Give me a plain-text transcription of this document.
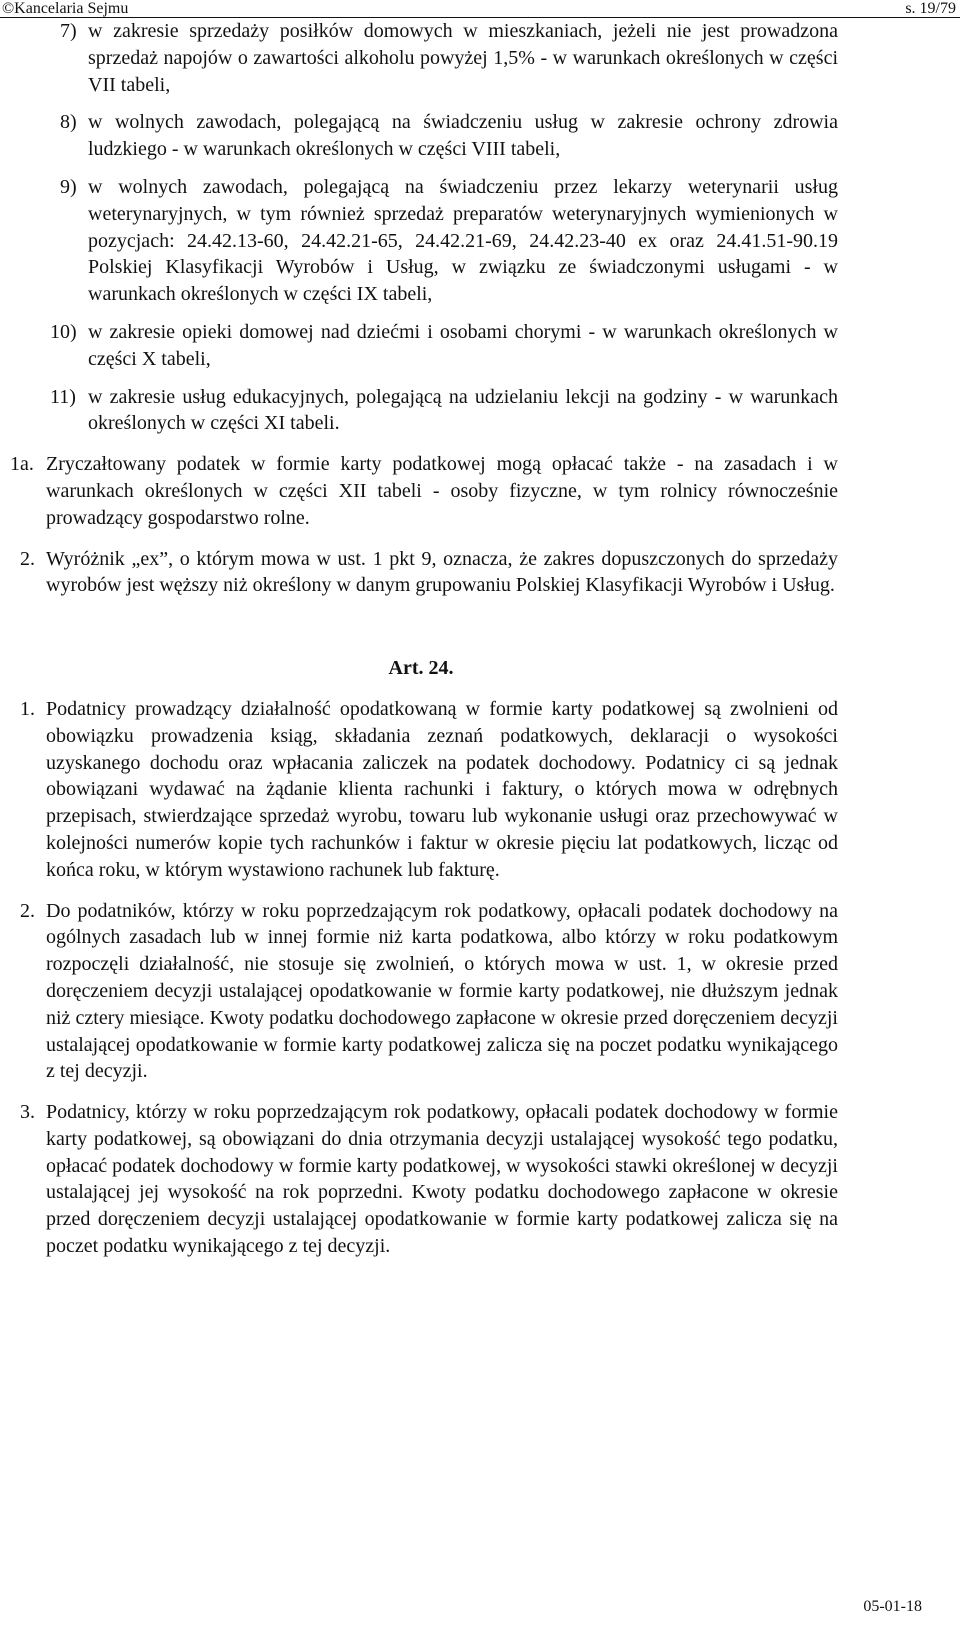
©Kancelaria Sejmu	s. 19/79
7) w zakresie sprzedaży posiłków domowych w mieszkaniach, jeżeli nie jest prowadzona sprzedaż napojów o zawartości alkoholu powyżej 1,5% - w warunkach określonych w części VII tabeli,
8) w wolnych zawodach, polegającą na świadczeniu usług w zakresie ochrony zdrowia ludzkiego - w warunkach określonych w części VIII tabeli,
9) w wolnych zawodach, polegającą na świadczeniu przez lekarzy weterynarii usług weterynaryjnych, w tym również sprzedaż preparatów weterynaryjnych wymienionych w pozycjach: 24.42.13-60, 24.42.21-65, 24.42.21-69, 24.42.23-40 ex oraz 24.41.51-90.19 Polskiej Klasyfikacji Wyrobów i Usług, w związku ze świadczonymi usługami - w warunkach określonych w części IX tabeli,
10) w zakresie opieki domowej nad dziećmi i osobami chorymi - w warunkach określonych w części X tabeli,
11) w zakresie usług edukacyjnych, polegającą na udzielaniu lekcji na godziny - w warunkach określonych w części XI tabeli.
1a. Zryczałtowany podatek w formie karty podatkowej mogą opłacać także - na zasadach i w warunkach określonych w części XII tabeli - osoby fizyczne, w tym rolnicy równocześnie prowadzący gospodarstwo rolne.
2. Wyróżnik „ex”, o którym mowa w ust. 1 pkt 9, oznacza, że zakres dopuszczonych do sprzedaży wyrobów jest węższy niż określony w danym grupowaniu Polskiej Klasyfikacji Wyrobów i Usług.
Art. 24.
1. Podatnicy prowadzący działalność opodatkowaną w formie karty podatkowej są zwolnieni od obowiązku prowadzenia ksiąg, składania zeznań podatkowych, deklaracji o wysokości uzyskanego dochodu oraz wpłacania zaliczek na podatek dochodowy. Podatnicy ci są jednak obowiązani wydawać na żądanie klienta rachunki i faktury, o których mowa w odrębnych przepisach, stwierdzające sprzedaż wyrobu, towaru lub wykonanie usługi oraz przechowywać w kolejności numerów kopie tych rachunków i faktur w okresie pięciu lat podatkowych, licząc od końca roku, w którym wystawiono rachunek lub fakturę.
2. Do podatników, którzy w roku poprzedzającym rok podatkowy, opłacali podatek dochodowy na ogólnych zasadach lub w innej formie niż karta podatkowa, albo którzy w roku podatkowym rozpoczęli działalność, nie stosuje się zwolnień, o których mowa w ust. 1, w okresie przed doręczeniem decyzji ustalającej opodatkowanie w formie karty podatkowej, nie dłuższym jednak niż cztery miesiące. Kwoty podatku dochodowego zapłacone w okresie przed doręczeniem decyzji ustalającej opodatkowanie w formie karty podatkowej zalicza się na poczet podatku wynikającego z tej decyzji.
3. Podatnicy, którzy w roku poprzedzającym rok podatkowy, opłacali podatek dochodowy w formie karty podatkowej, są obowiązani do dnia otrzymania decyzji ustalającej wysokość tego podatku, opłacać podatek dochodowy w formie karty podatkowej, w wysokości stawki określonej w decyzji ustalającej jej wysokość na rok poprzedni. Kwoty podatku dochodowego zapłacone w okresie przed doręczeniem decyzji ustalającej opodatkowanie w formie karty podatkowej zalicza się na poczet podatku wynikającego z tej decyzji.
05-01-18
